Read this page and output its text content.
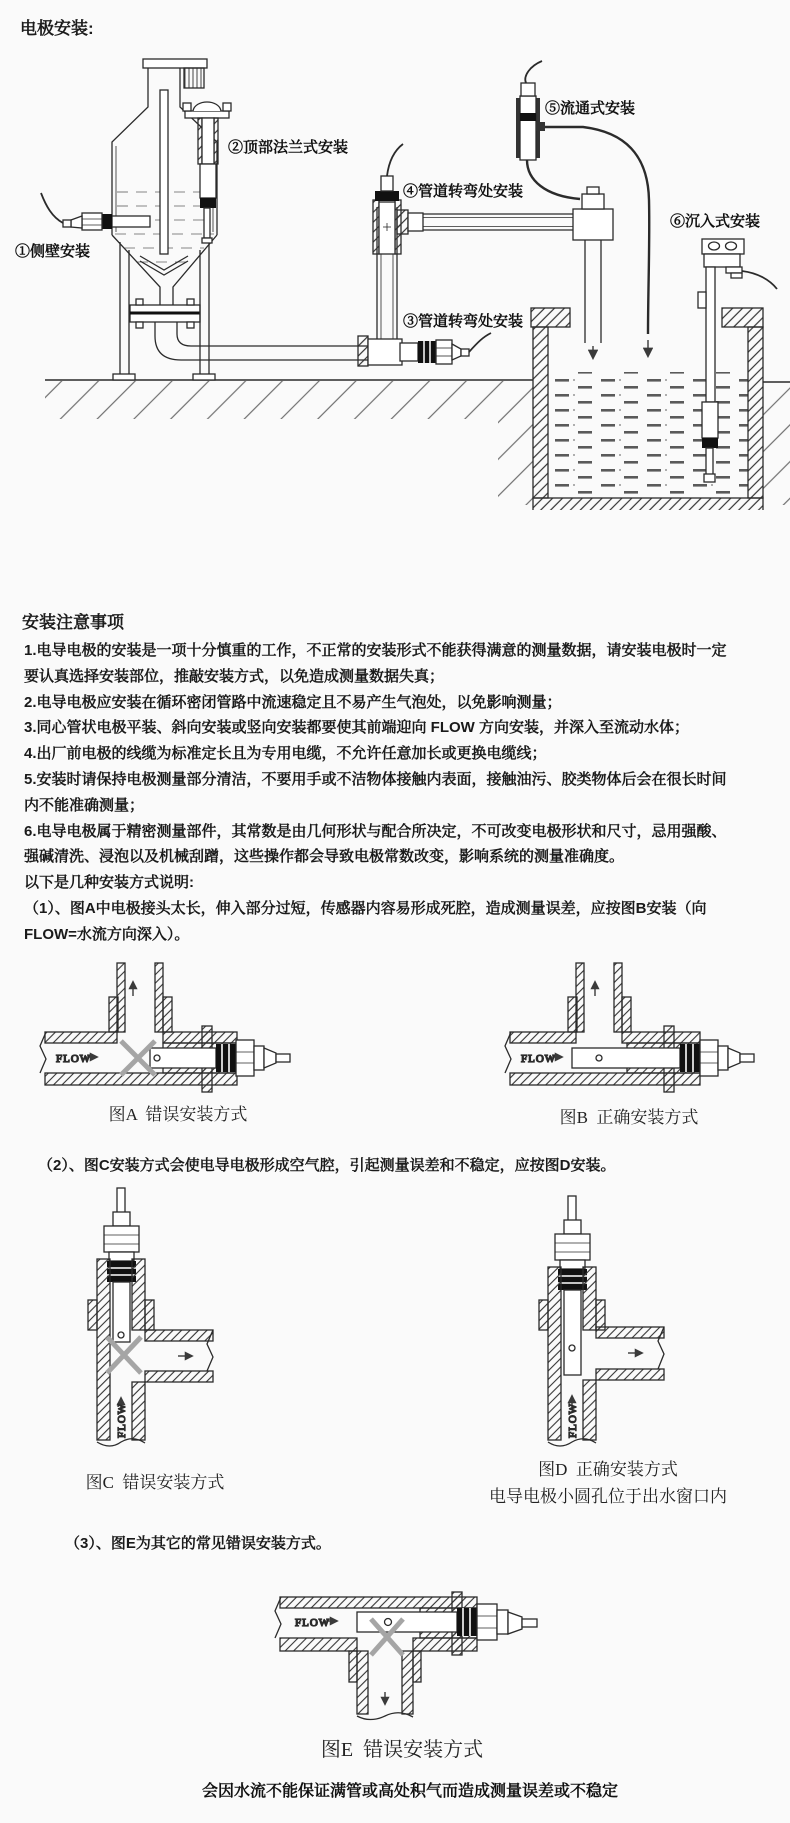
电极安装:
①侧壁安装
②顶部法兰式安装
③管道转弯处安装
④管道转弯处安装
⑤流通式安装
⑥沉入式安装
安装注意事项
1.电导电极的安装是一项十分慎重的工作，不正常的安装形式不能获得满意的测量数据，请安装电极时一定
要认真选择安装部位，推敲安装方式，以免造成测量数据失真；
2.电导电极应安装在循环密闭管路中流速稳定且不易产生气泡处，以免影响测量；
3.同心管状电极平装、斜向安装或竖向安装都要使其前端迎向 FLOW 方向安装，并深入至流动水体；
4.出厂前电极的线缆为标准定长且为专用电缆，不允许任意加长或更换电缆线；
5.安装时请保持电极测量部分清洁，不要用手或不洁物体接触内表面，接触油污、胶类物体后会在很长时间
内不能准确测量；
6.电导电极属于精密测量部件，其常数是由几何形状与配合所决定，不可改变电极形状和尺寸，忌用强酸、
强碱清洗、浸泡以及机械刮蹭，这些操作都会导致电极常数改变，影响系统的测量准确度。
以下是几种安装方式说明:
（1）、图A中电极接头太长，伸入部分过短，传感器内容易形成死腔，造成测量误差，应按图B安装（向
FLOW=水流方向深入）。
FLOW	FLOW
图A  错误安装方式	图B  正确安装方式
（2）、图C安装方式会使电导电极形成空气腔，引起测量误差和不稳定，应按图D安装。
FLOW	FLOW
图C  错误安装方式
图D  正确安装方式
电导电极小圆孔位于出水窗口内
（3）、图E为其它的常见错误安装方式。
FLOW
图E  错误安装方式
会因水流不能保证满管或高处积气而造成测量误差或不稳定
